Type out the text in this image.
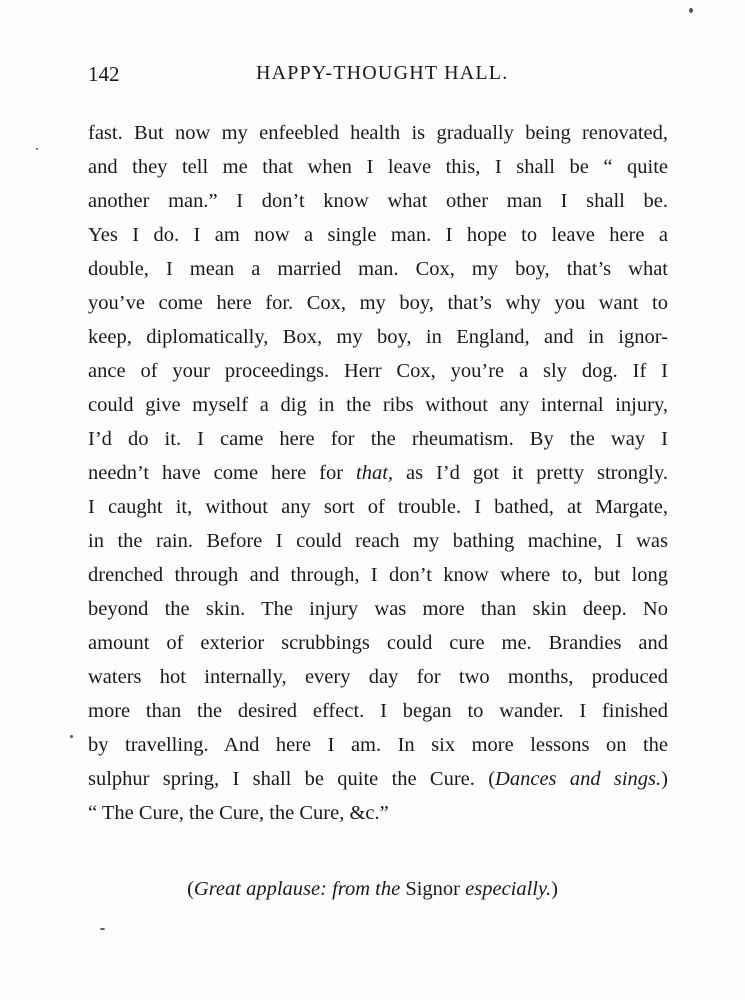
142	HAPPY-THOUGHT HALL.
fast. But now my enfeebled health is gradually being renovated,
and they tell me that when I leave this, I shall be “ quite
another man.” I don’t know what other man I shall be.
Yes I do. I am now a single man. I hope to leave here a
double, I mean a married man. Cox, my boy, that’s what
you’ve come here for. Cox, my boy, that’s why you want to
keep, diplomatically, Box, my boy, in England, and in ignor-
ance of your proceedings. Herr Cox, you’re a sly dog. If I
could give myself a dig in the ribs without any internal injury,
I’d do it. I came here for the rheumatism. By the way I
needn’t have come here for that, as I’d got it pretty strongly.
I caught it, without any sort of trouble. I bathed, at Margate,
in the rain. Before I could reach my bathing machine, I was
drenched through and through, I don’t know where to, but long
beyond the skin. The injury was more than skin deep. No
amount of exterior scrubbings could cure me. Brandies and
waters hot internally, every day for two months, produced
more than the desired effect. I began to wander. I finished
by travelling. And here I am. In six more lessons on the
sulphur spring, I shall be quite the Cure. (Dances and sings.)
“ The Cure, the Cure, the Cure, &c.”
(Great applause: from the Signor especially.)
